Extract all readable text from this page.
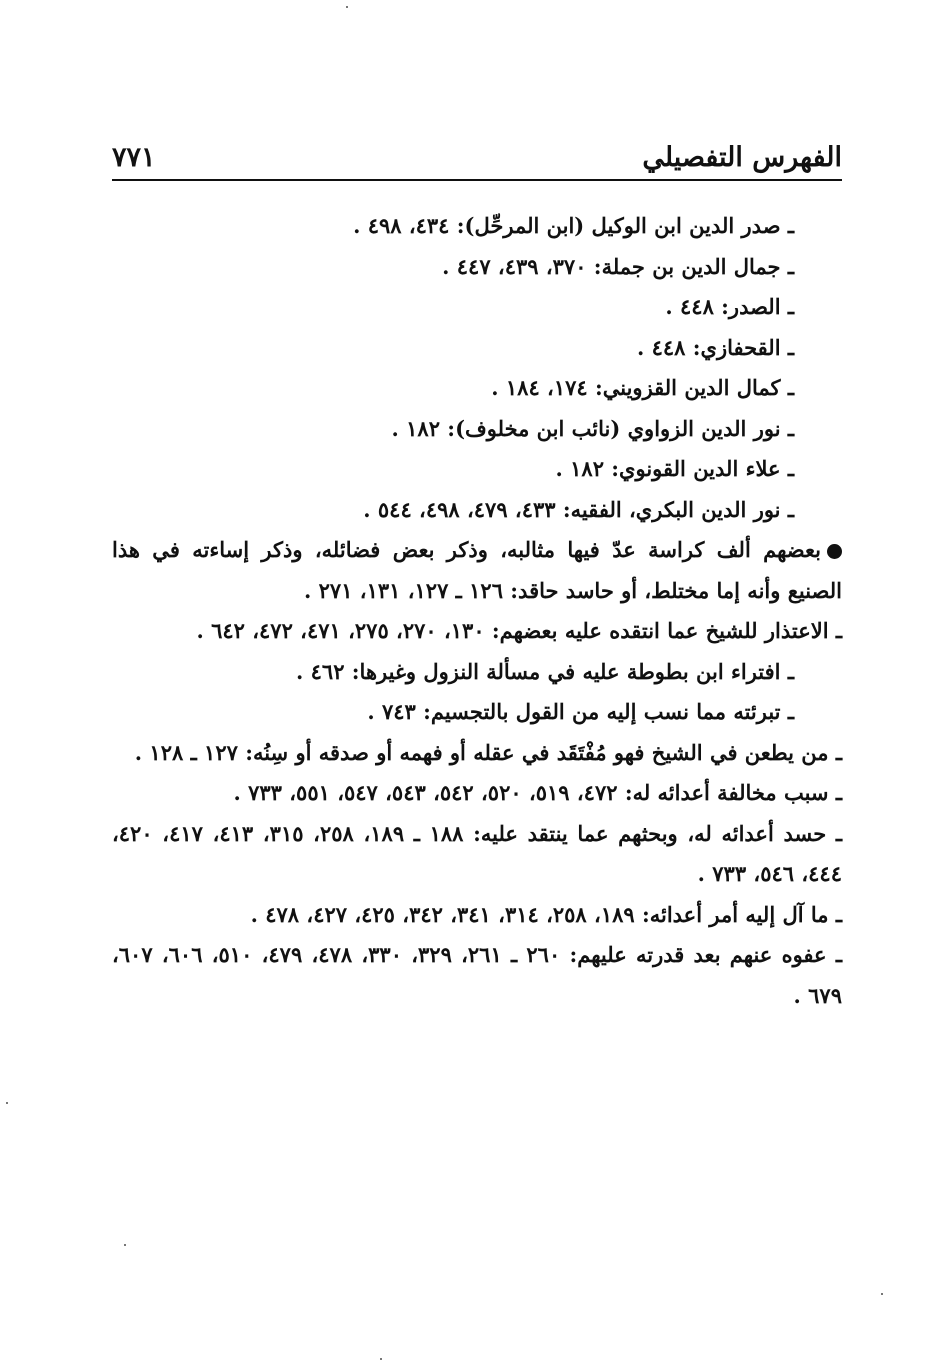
الفهرس التفصيلي
٧٧١
ـ صدر الدين ابن الوكيل (ابن المرحِّل): ٤٣٤، ٤٩٨ .
ـ جمال الدين بن جملة: ٣٧٠، ٤٣٩، ٤٤٧ .
ـ الصدر: ٤٤٨ .
ـ القحفازي: ٤٤٨ .
ـ كمال الدين القزويني: ١٧٤، ١٨٤ .
ـ نور الدين الزواوي (نائب ابن مخلوف): ١٨٢ .
ـ علاء الدين القونوي: ١٨٢ .
ـ نور الدين البكري، الفقيه: ٤٣٣، ٤٧٩، ٤٩٨، ٥٤٤ .
بعضهم ألف كراسة عدّ فيها مثالبه، وذكر بعض فضائله، وذكر إساءته في هذا الصنيع وأنه إما مختلط، أو حاسد حاقد: ١٢٦ ـ ١٢٧، ١٣١، ٢٧١ .
ـ الاعتذار للشيخ عما انتقده عليه بعضهم: ١٣٠، ٢٧٠، ٢٧٥، ٤٧١، ٤٧٢، ٦٤٢ .
ـ افتراء ابن بطوطة عليه في مسألة النزول وغيرها: ٤٦٢ .
ـ تبرئته مما نسب إليه من القول بالتجسيم: ٧٤٣ .
ـ من يطعن في الشيخ فهو مُفْتَقَد في عقله أو فهمه أو صدقه أو سِنُه: ١٢٧ ـ ١٢٨ .
ـ سبب مخالفة أعدائه له: ٤٧٢، ٥١٩، ٥٢٠، ٥٤٢، ٥٤٣، ٥٤٧، ٥٥١، ٧٣٣ .
ـ حسد أعدائه له، وبحثهم عما ينتقد عليه: ١٨٨ ـ ١٨٩، ٢٥٨، ٣١٥، ٤١٣، ٤١٧، ٤٢٠، ٤٤٤، ٥٤٦، ٧٣٣ .
ـ ما آل إليه أمر أعدائه: ١٨٩، ٢٥٨، ٣١٤، ٣٤١، ٣٤٢، ٤٢٥، ٤٢٧، ٤٧٨ .
ـ عفوه عنهم بعد قدرته عليهم: ٢٦٠ ـ ٢٦١، ٣٢٩، ٣٣٠، ٤٧٨، ٤٧٩، ٥١٠، ٦٠٦، ٦٠٧، ٦٧٩ .
